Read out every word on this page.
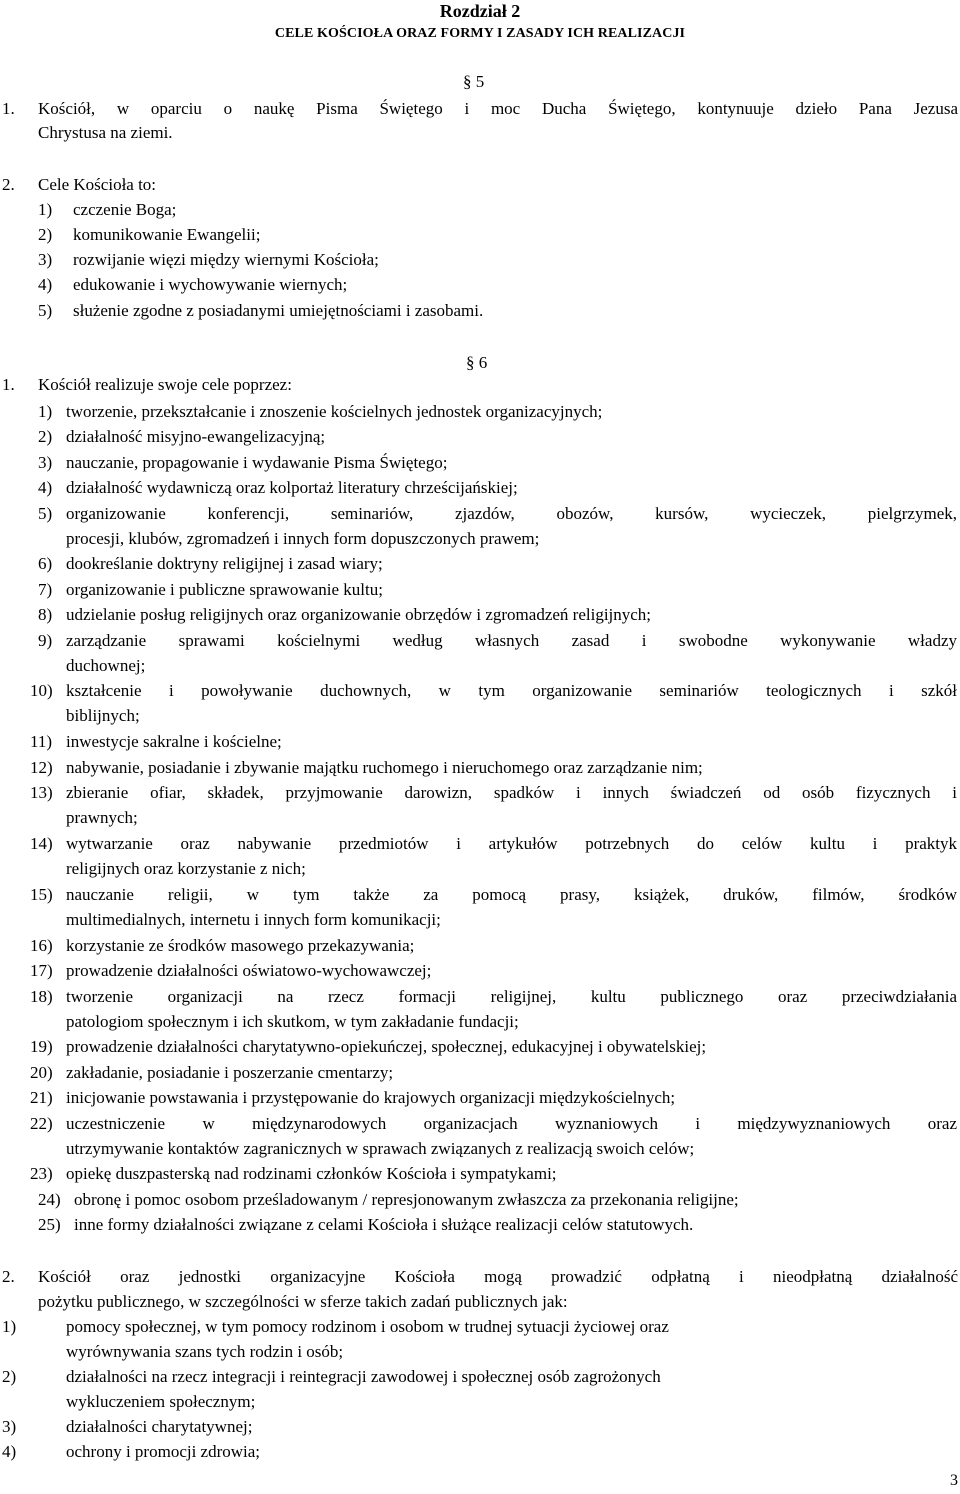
Rozdział 2
CELE KOŚCIOŁA ORAZ FORMY I ZASADY ICH REALIZACJI
§ 5
1. Kościół, w oparciu o naukę Pisma Świętego i moc Ducha Świętego, kontynuuje dzieło Pana Jezusa
Chrystusa na ziemi.
2. Cele Kościoła to:
1) czczenie Boga;
2) komunikowanie Ewangelii;
3) rozwijanie więzi między wiernymi Kościoła;
4) edukowanie i wychowywanie wiernych;
5) służenie zgodne z posiadanymi umiejętnościami i zasobami.
§ 6
1. Kościół realizuje swoje cele poprzez:
1) tworzenie, przekształcanie i znoszenie kościelnych jednostek organizacyjnych;
2) działalność misyjno-ewangelizacyjną;
3) nauczanie, propagowanie i wydawanie Pisma Świętego;
4) działalność wydawniczą oraz kolportaż literatury chrześcijańskiej;
5) organizowanie konferencji, seminariów, zjazdów, obozów, kursów, wycieczek, pielgrzymek,
procesji, klubów, zgromadzeń i innych form dopuszczonych prawem;
6) dookreślanie doktryny religijnej i zasad wiary;
7) organizowanie i publiczne sprawowanie kultu;
8) udzielanie posług religijnych oraz organizowanie obrzędów i zgromadzeń religijnych;
9) zarządzanie sprawami kościelnymi według własnych zasad i swobodne wykonywanie władzy
duchownej;
10) kształcenie i powoływanie duchownych, w tym organizowanie seminariów teologicznych i szkół
biblijnych;
11) inwestycje sakralne i kościelne;
12) nabywanie, posiadanie i zbywanie majątku ruchomego i nieruchomego oraz zarządzanie nim;
13) zbieranie ofiar, składek, przyjmowanie darowizn, spadków i innych świadczeń od osób fizycznych i
prawnych;
14) wytwarzanie oraz nabywanie przedmiotów i artykułów potrzebnych do celów kultu i praktyk
religijnych oraz korzystanie z nich;
15) nauczanie religii, w tym także za pomocą prasy, książek, druków, filmów, środków
multimedialnych, internetu i innych form komunikacji;
16) korzystanie ze środków masowego przekazywania;
17) prowadzenie działalności oświatowo-wychowawczej;
18) tworzenie organizacji na rzecz formacji religijnej, kultu publicznego oraz przeciwdziałania
patologiom społecznym i ich skutkom, w tym zakładanie fundacji;
19) prowadzenie działalności charytatywno-opiekuńczej, społecznej, edukacyjnej i obywatelskiej;
20) zakładanie, posiadanie i poszerzanie cmentarzy;
21) inicjowanie powstawania i przystępowanie do krajowych organizacji międzykościelnych;
22) uczestniczenie w międzynarodowych organizacjach wyznaniowych i międzywyznaniowych oraz
utrzymywanie kontaktów zagranicznych w sprawach związanych z realizacją swoich celów;
23) opiekę duszpasterską nad rodzinami członków Kościoła i sympatykami;
24) obronę i pomoc osobom prześladowanym / represjonowanym zwłaszcza za przekonania religijne;
25) inne formy działalności związane z celami Kościoła i służące realizacji celów statutowych.
2. Kościół oraz jednostki organizacyjne Kościoła mogą prowadzić odpłatną i nieodpłatną działalność
pożytku publicznego, w szczególności w sferze takich zadań publicznych jak:
1)	pomocy społecznej, w tym pomocy rodzinom i osobom w trudnej sytuacji życiowej oraz
wyrównywania szans tych rodzin i osób;
2)	działalności na rzecz integracji i reintegracji zawodowej i społecznej osób zagrożonych
wykluczeniem społecznym;
3)	działalności charytatywnej;
4)	ochrony i promocji zdrowia;
3
